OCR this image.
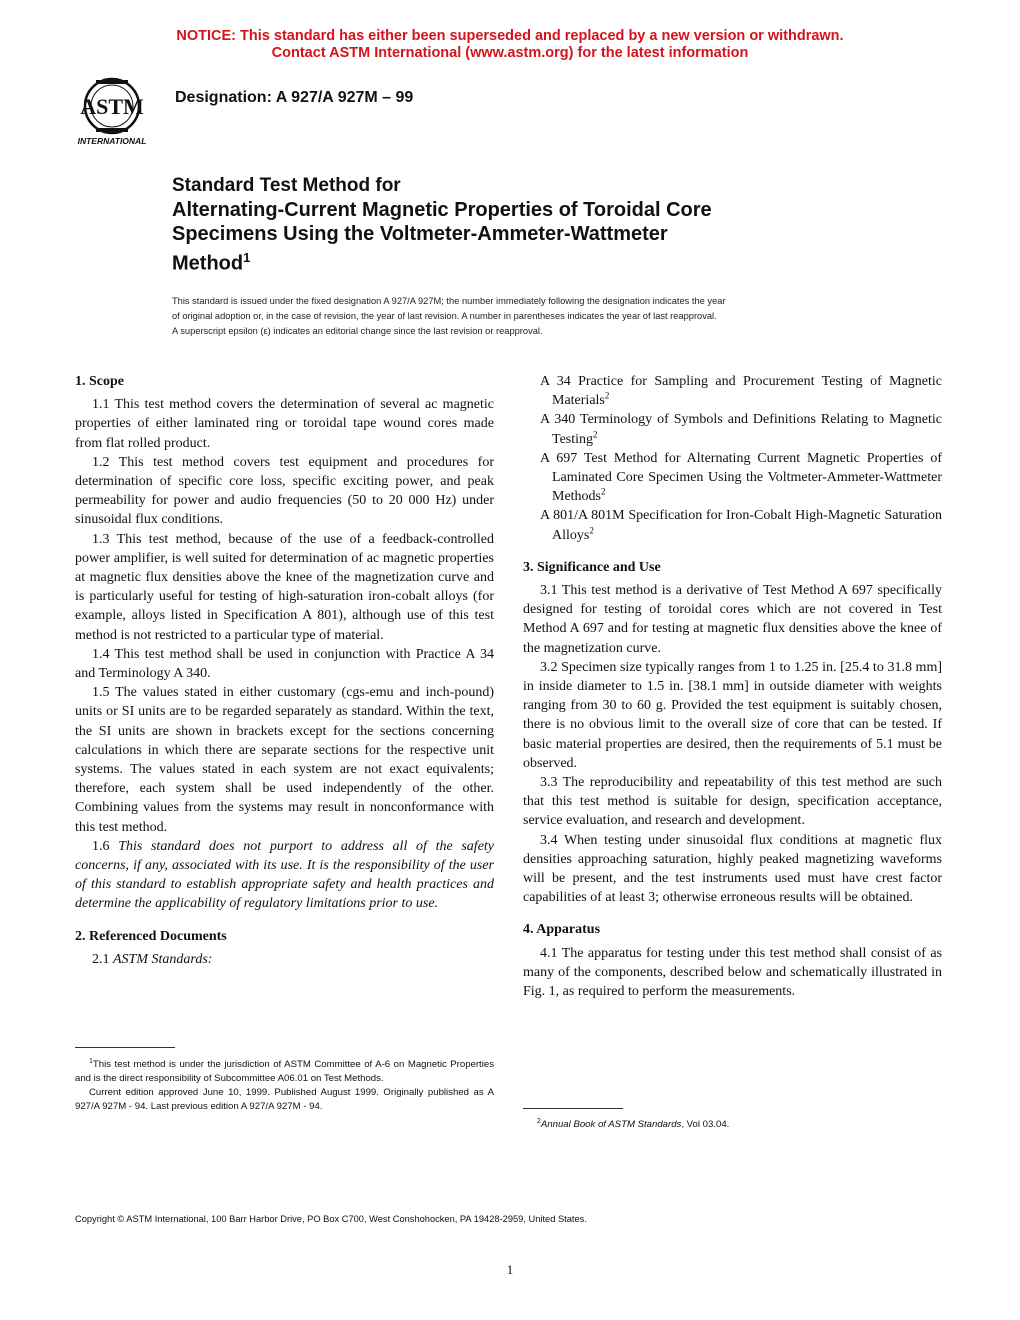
NOTICE: This standard has either been superseded and replaced by a new version or withdrawn.
Contact ASTM International (www.astm.org) for the latest information
ASTM
INTERNATIONAL
Designation: A 927/A 927M – 99
Standard Test Method for
Alternating-Current Magnetic Properties of Toroidal Core
Specimens Using the Voltmeter-Ammeter-Wattmeter
Method$^1$
This standard is issued under the fixed designation A 927/A 927M; the number immediately following the designation indicates the year
of original adoption or, in the case of revision, the year of last revision. A number in parentheses indicates the year of last reapproval.
A superscript epsilon (ε) indicates an editorial change since the last revision or reapproval.
1. Scope

1.1 This test method covers the determination of several ac magnetic properties of either laminated ring or toroidal tape wound cores made from flat rolled product.

1.2 This test method covers test equipment and procedures for determination of specific core loss, specific exciting power, and peak permeability for power and audio frequencies (50 to 20 000 Hz) under sinusoidal flux conditions.

1.3 This test method, because of the use of a feedback-controlled power amplifier, is well suited for determination of ac magnetic properties at magnetic flux densities above the knee of the magnetization curve and is particularly useful for testing of high-saturation iron-cobalt alloys (for example, alloys listed in Specification A 801), although use of this test method is not restricted to a particular type of material.

1.4 This test method shall be used in conjunction with Practice A 34 and Terminology A 340.

1.5 The values stated in either customary (cgs-emu and inch-pound) units or SI units are to be regarded separately as standard. Within the text, the SI units are shown in brackets except for the sections concerning calculations in which there are separate sections for the respective unit systems. The values stated in each system are not exact equivalents; therefore, each system shall be used independently of the other. Combining values from the systems may result in nonconformance with this test method.

1.6 This standard does not purport to address all of the safety concerns, if any, associated with its use. It is the responsibility of the user of this standard to establish appropriate safety and health practices and determine the applicability of regulatory limitations prior to use.

2. Referenced Documents

2.1 ASTM Standards:

A 34 Practice for Sampling and Procurement Testing of Magnetic Materials$^2$

A 340 Terminology of Symbols and Definitions Relating to Magnetic Testing$^2$

A 697 Test Method for Alternating Current Magnetic Properties of Laminated Core Specimen Using the Voltmeter-Ammeter-Wattmeter Methods$^2$

A 801/A 801M Specification for Iron-Cobalt High-Magnetic Saturation Alloys$^2$

3. Significance and Use

3.1 This test method is a derivative of Test Method A 697 specifically designed for testing of toroidal cores which are not covered in Test Method A 697 and for testing at magnetic flux densities above the knee of the magnetization curve.

3.2 Specimen size typically ranges from 1 to 1.25 in. [25.4 to 31.8 mm] in inside diameter to 1.5 in. [38.1 mm] in outside diameter with weights ranging from 30 to 60 g. Provided the test equipment is suitably chosen, there is no obvious limit to the overall size of core that can be tested. If basic material properties are desired, then the requirements of 5.1 must be observed.

3.3 The reproducibility and repeatability of this test method are such that this test method is suitable for design, specification acceptance, service evaluation, and research and development.

3.4 When testing under sinusoidal flux conditions at magnetic flux densities approaching saturation, highly peaked magnetizing waveforms will be present, and the test instruments used must have crest factor capabilities of at least 3; otherwise erroneous results will be obtained.

4. Apparatus

4.1 The apparatus for testing under this test method shall consist of as many of the components, described below and schematically illustrated in Fig. 1, as required to perform the measurements.

$^1$This test method is under the jurisdiction of ASTM Committee of A-6 on Magnetic Properties and is the direct responsibility of Subcommittee A06.01 on Test Methods.

Current edition approved June 10, 1999. Published August 1999. Originally published as A 927/A 927M - 94. Last previous edition A 927/A 927M - 94.

$^2$Annual Book of ASTM Standards, Vol 03.04.

Copyright © ASTM International, 100 Barr Harbor Drive, PO Box C700, West Conshohocken, PA 19428-2959, United States.
1
